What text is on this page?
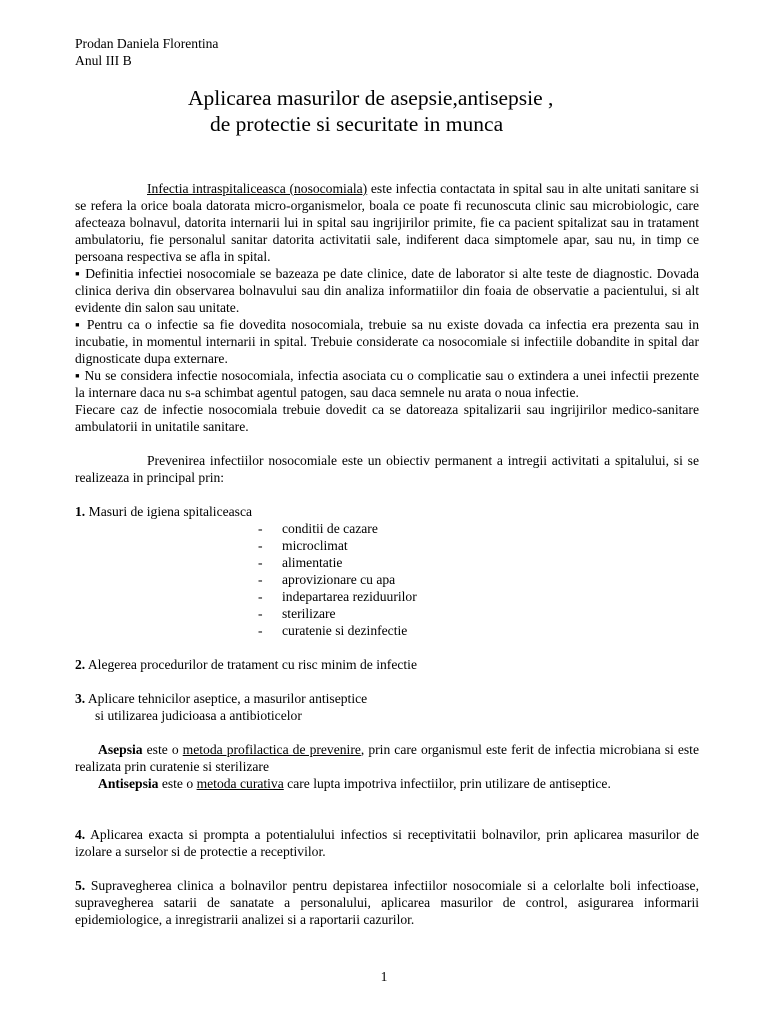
Prodan Daniela Florentina
Anul III B
Aplicarea masurilor de asepsie,antisepsie ,
de protectie si securitate in munca

Infectia intraspitaliceasca (nosocomiala) este infectia contactata in spital sau in alte unitati sanitare si se refera la orice boala datorata micro-organismelor, boala ce poate fi recunoscuta clinic sau microbiologic, care afecteaza bolnavul, datorita internarii lui in spital sau ingrijirilor primite, fie ca pacient spitalizat sau in tratament ambulatoriu, fie personalul sanitar datorita activitatii sale, indiferent daca simptomele apar, sau nu, in timp ce persoana respectiva se afla in spital.

▪ Definitia infectiei nosocomiale se bazeaza pe date clinice, date de laborator si alte teste de diagnostic. Dovada clinica deriva din observarea bolnavului sau din analiza informatiilor din foaia de observatie a pacientului, si alt evidente din salon sau unitate.

▪ Pentru ca o infectie sa fie dovedita nosocomiala, trebuie sa nu existe dovada ca infectia era prezenta sau in incubatie, in momentul internarii in spital. Trebuie considerate ca nosocomiale si infectiile dobandite in spital dar dignosticate dupa externare.

▪ Nu se considera infectie nosocomiala, infectia asociata cu o complicatie sau o extindera a unei infectii prezente la internare daca nu s-a schimbat agentul patogen, sau daca semnele nu arata o noua infectie.

Fiecare caz de infectie nosocomiala trebuie dovedit ca se datoreaza spitalizarii sau ingrijirilor medico-sanitare ambulatorii in unitatile sanitare.

Prevenirea infectiilor nosocomiale este un obiectiv permanent a intregii activitati a spitalului, si se realizeaza in principal prin:

1. Masuri de igiena spitaliceasca

- conditii de cazare
- microclimat
- alimentatie
- aprovizionare cu apa
- indepartarea reziduurilor
- sterilizare
- curatenie si dezinfectie

2. Alegerea procedurilor de tratament cu risc minim de infectie

3. Aplicare tehnicilor aseptice, a masurilor antiseptice

si utilizarea judicioasa a antibioticelor

Asepsia este o metoda profilactica de prevenire, prin care organismul este ferit de infectia microbiana si este realizata prin curatenie si sterilizare

Antisepsia este o metoda curativa care lupta impotriva infectiilor, prin utilizare de antiseptice.

4. Aplicarea exacta si prompta a potentialului infectios si receptivitatii bolnavilor, prin aplicarea masurilor de izolare a surselor si de protectie a receptivilor.

5. Supravegherea clinica a bolnavilor pentru depistarea infectiilor nosocomiale si a celorlalte boli infectioase, supravegherea satarii de sanatate a personalului, aplicarea masurilor de control, asigurarea informarii epidemiologice, a inregistrarii analizei si a raportarii cazurilor.

1
